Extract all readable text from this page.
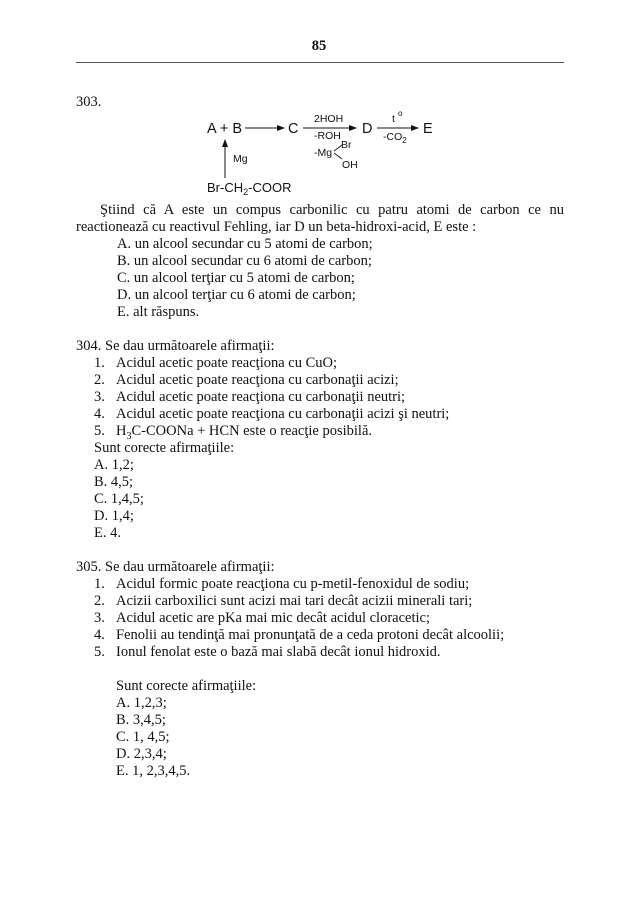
85
303.
A + B	C
2HOH
-ROH
-Mg
Br
OH
D
t o
$-CO_2$
E
Mg
$Br-CH_2$-COOR
Ştiind că A este un compus carbonilic cu patru atomi de carbon ce nu
reactionează cu reactivul Fehling, iar D un beta-hidroxi-acid, E este :
A. un alcool secundar cu 5 atomi de carbon;
B. un alcool secundar cu 6 atomi de carbon;
C. un alcool terţiar cu 5 atomi de carbon;
D. un alcool terţiar cu 6 atomi de carbon;
E. alt răspuns.
304. Se dau următoarele afirmaţii:
1. Acidul acetic poate reacţiona cu CuO;
2. Acidul acetic poate reacţiona cu carbonaţii acizi;
3. Acidul acetic poate reacţiona cu carbonaţii neutri;
4. Acidul acetic poate reacţiona cu carbonaţii acizi şi neutri;
5. $H_3C$-COONa + HCN este o reacţie posibilă.
Sunt corecte afirmaţiile:
A. 1,2;
B. 4,5;
C. 1,4,5;
D. 1,4;
E. 4.
305. Se dau următoarele afirmaţii:
1. Acidul formic poate reacţiona cu p-metil-fenoxidul de sodiu;
2. Acizii carboxilici sunt acizi mai tari decât acizii minerali tari;
3. Acidul acetic are pKa mai mic decât acidul cloracetic;
4. Fenolii au tendinţă mai pronunţată de a ceda protoni decât alcoolii;
5. Ionul fenolat este o bază mai slabă decât ionul hidroxid.
Sunt corecte afirmaţiile:
A. 1,2,3;
B. 3,4,5;
C. 1, 4,5;
D. 2,3,4;
E. 1, 2,3,4,5.
